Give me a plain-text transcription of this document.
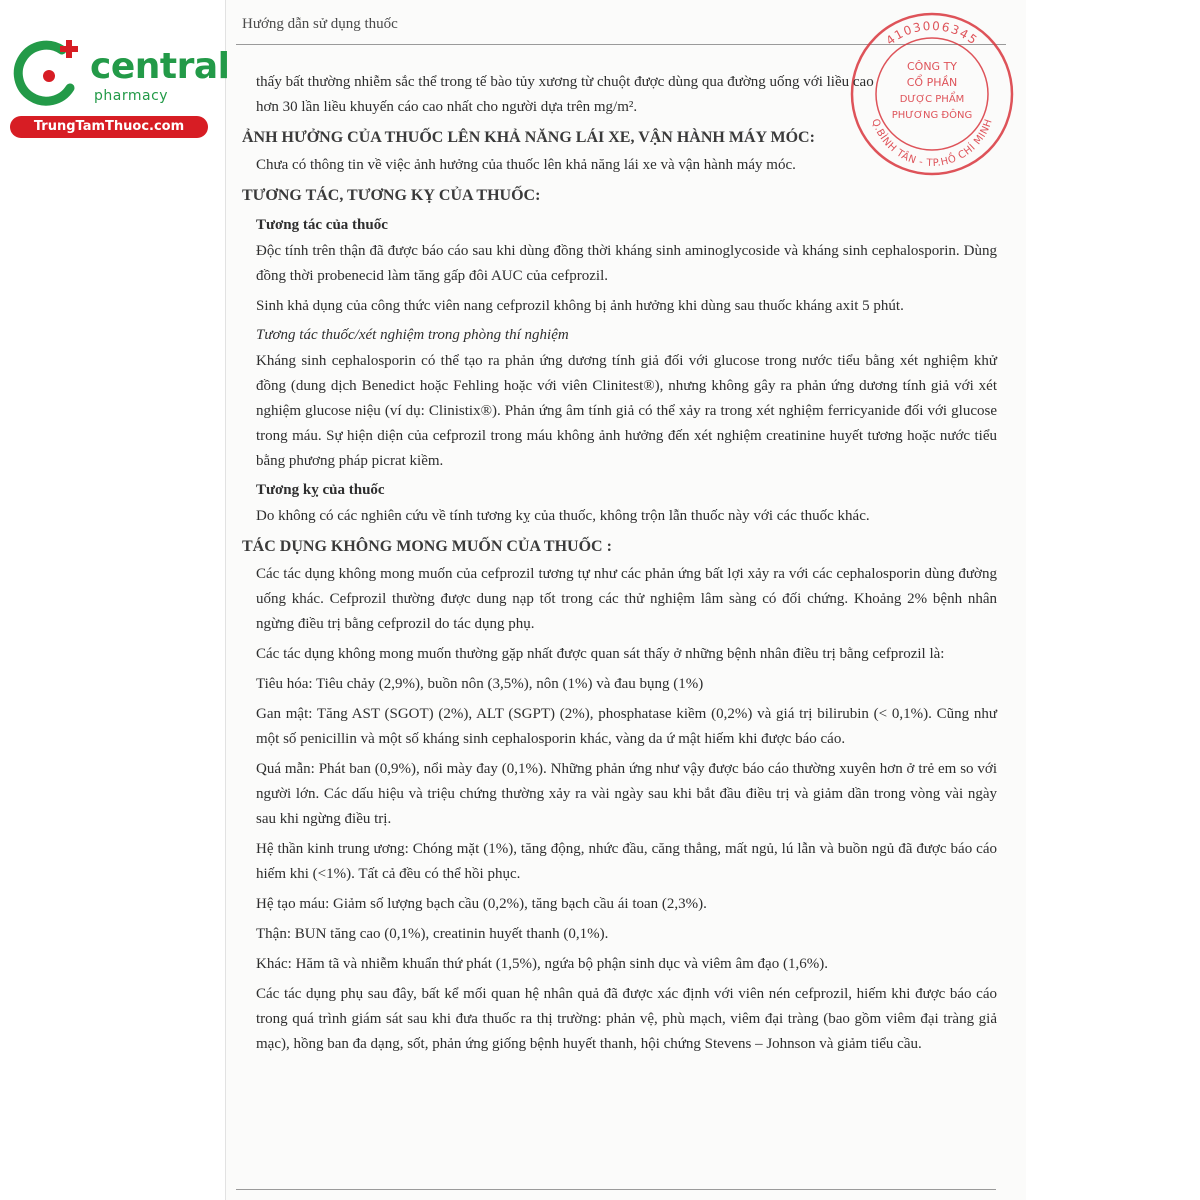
Hướng dẫn sử dụng thuốc
central
pharmacy
TrungTamThuoc.com
4103006345
Q.BÌNH TÂN - TP.HỒ CHÍ MINH
CÔNG TY
CỔ PHẦN
DƯỢC PHẨM
PHƯƠNG ĐÔNG

thấy bất thường nhiễm sắc thể trong tế bào tủy xương từ chuột được dùng qua đường uống với liều cao

hơn 30 lần liều khuyến cáo cao nhất cho người dựa trên mg/m².

ẢNH HƯỞNG CỦA THUỐC LÊN KHẢ NĂNG LÁI XE, VẬN HÀNH MÁY MÓC:

Chưa có thông tin về việc ảnh hưởng của thuốc lên khả năng lái xe và vận hành máy móc.

TƯƠNG TÁC, TƯƠNG KỴ CỦA THUỐC:
Tương tác của thuốc

Độc tính trên thận đã được báo cáo sau khi dùng đồng thời kháng sinh aminoglycoside và kháng sinh cephalosporin. Dùng đồng thời probenecid làm tăng gấp đôi AUC của cefprozil.

Sinh khả dụng của công thức viên nang cefprozil không bị ảnh hưởng khi dùng sau thuốc kháng axit 5 phút.

Tương tác thuốc/xét nghiệm trong phòng thí nghiệm

Kháng sinh cephalosporin có thể tạo ra phản ứng dương tính giả đối với glucose trong nước tiểu bằng xét nghiệm khử đồng (dung dịch Benedict hoặc Fehling hoặc với viên Clinitest®), nhưng không gây ra phản ứng dương tính giả với xét nghiệm glucose niệu (ví dụ: Clinistix®). Phản ứng âm tính giả có thể xảy ra trong xét nghiệm ferricyanide đối với glucose trong máu. Sự hiện diện của cefprozil trong máu không ảnh hưởng đến xét nghiệm creatinine huyết tương hoặc nước tiểu bằng phương pháp picrat kiềm.

Tương kỵ của thuốc

Do không có các nghiên cứu về tính tương kỵ của thuốc, không trộn lẫn thuốc này với các thuốc khác.

TÁC DỤNG KHÔNG MONG MUỐN CỦA THUỐC :

Các tác dụng không mong muốn của cefprozil tương tự như các phản ứng bất lợi xảy ra với các cephalosporin dùng đường uống khác. Cefprozil thường được dung nạp tốt trong các thử nghiệm lâm sàng có đối chứng. Khoảng 2% bệnh nhân ngừng điều trị bằng cefprozil do tác dụng phụ.

Các tác dụng không mong muốn thường gặp nhất được quan sát thấy ở những bệnh nhân điều trị bằng cefprozil là:

Tiêu hóa: Tiêu chảy (2,9%), buồn nôn (3,5%), nôn (1%) và đau bụng (1%)

Gan mật: Tăng AST (SGOT) (2%), ALT (SGPT) (2%), phosphatase kiềm (0,2%) và giá trị bilirubin (< 0,1%). Cũng như một số penicillin và một số kháng sinh cephalosporin khác, vàng da ứ mật hiếm khi được báo cáo.

Quá mẫn: Phát ban (0,9%), nổi mày đay (0,1%). Những phản ứng như vậy được báo cáo thường xuyên hơn ở trẻ em so với người lớn. Các dấu hiệu và triệu chứng thường xảy ra vài ngày sau khi bắt đầu điều trị và giảm dần trong vòng vài ngày sau khi ngừng điều trị.

Hệ thần kinh trung ương: Chóng mặt (1%), tăng động, nhức đầu, căng thẳng, mất ngủ, lú lẫn và buồn ngủ đã được báo cáo hiếm khi (<1%). Tất cả đều có thể hồi phục.

Hệ tạo máu: Giảm số lượng bạch cầu (0,2%), tăng bạch cầu ái toan (2,3%).

Thận: BUN tăng cao (0,1%), creatinin huyết thanh (0,1%).

Khác: Hăm tã và nhiễm khuẩn thứ phát (1,5%), ngứa bộ phận sinh dục và viêm âm đạo (1,6%).

Các tác dụng phụ sau đây, bất kể mối quan hệ nhân quả đã được xác định với viên nén cefprozil, hiếm khi được báo cáo trong quá trình giám sát sau khi đưa thuốc ra thị trường: phản vệ, phù mạch, viêm đại tràng (bao gồm viêm đại tràng giả mạc), hồng ban đa dạng, sốt, phản ứng giống bệnh huyết thanh, hội chứng Stevens – Johnson và giảm tiểu cầu.
